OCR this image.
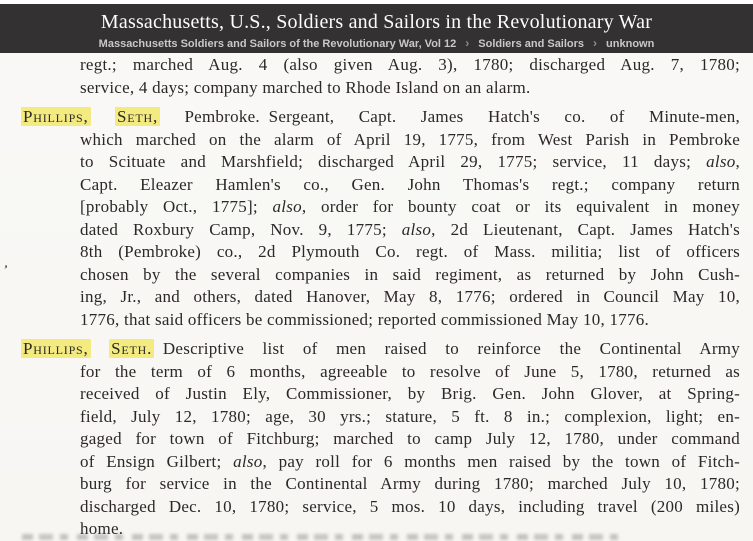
Massachusetts, U.S., Soldiers and Sailors in the Revolutionary War
Massachusetts Soldiers and Sailors of the Revolutionary War, Vol 12 › Soldiers and Sailors › unknown
regt.; marched Aug. 4 (also given Aug. 3), 1780; discharged Aug. 7, 1780;
service, 4 days; company marched to Rhode Island on an alarm.
Phillips, Seth, Pembroke. Sergeant, Capt. James Hatch's co. of Minute-men,
which marched on the alarm of April 19, 1775, from West Parish in Pembroke
to Scituate and Marshfield; discharged April 29, 1775; service, 11 days; also,
Capt. Eleazer Hamlen's co., Gen. John Thomas's regt.; company return
[probably Oct., 1775]; also, order for bounty coat or its equivalent in money
dated Roxbury Camp, Nov. 9, 1775; also, 2d Lieutenant, Capt. James Hatch's
8th (Pembroke) co., 2d Plymouth Co. regt. of Mass. militia; list of officers
chosen by the several companies in said regiment, as returned by John Cush-
ing, Jr., and others, dated Hanover, May 8, 1776; ordered in Council May 10,
1776, that said officers be commissioned; reported commissioned May 10, 1776.
Phillips, Seth. Descriptive list of men raised to reinforce the Continental Army
for the term of 6 months, agreeable to resolve of June 5, 1780, returned as
received of Justin Ely, Commissioner, by Brig. Gen. John Glover, at Spring-
field, July 12, 1780; age, 30 yrs.; stature, 5 ft. 8 in.; complexion, light; en-
gaged for town of Fitchburg; marched to camp July 12, 1780, under command
of Ensign Gilbert; also, pay roll for 6 months men raised by the town of Fitch-
burg for service in the Continental Army during 1780; marched July 10, 1780;
discharged Dec. 10, 1780; service, 5 mos. 10 days, including travel (200 miles)
home.
,
